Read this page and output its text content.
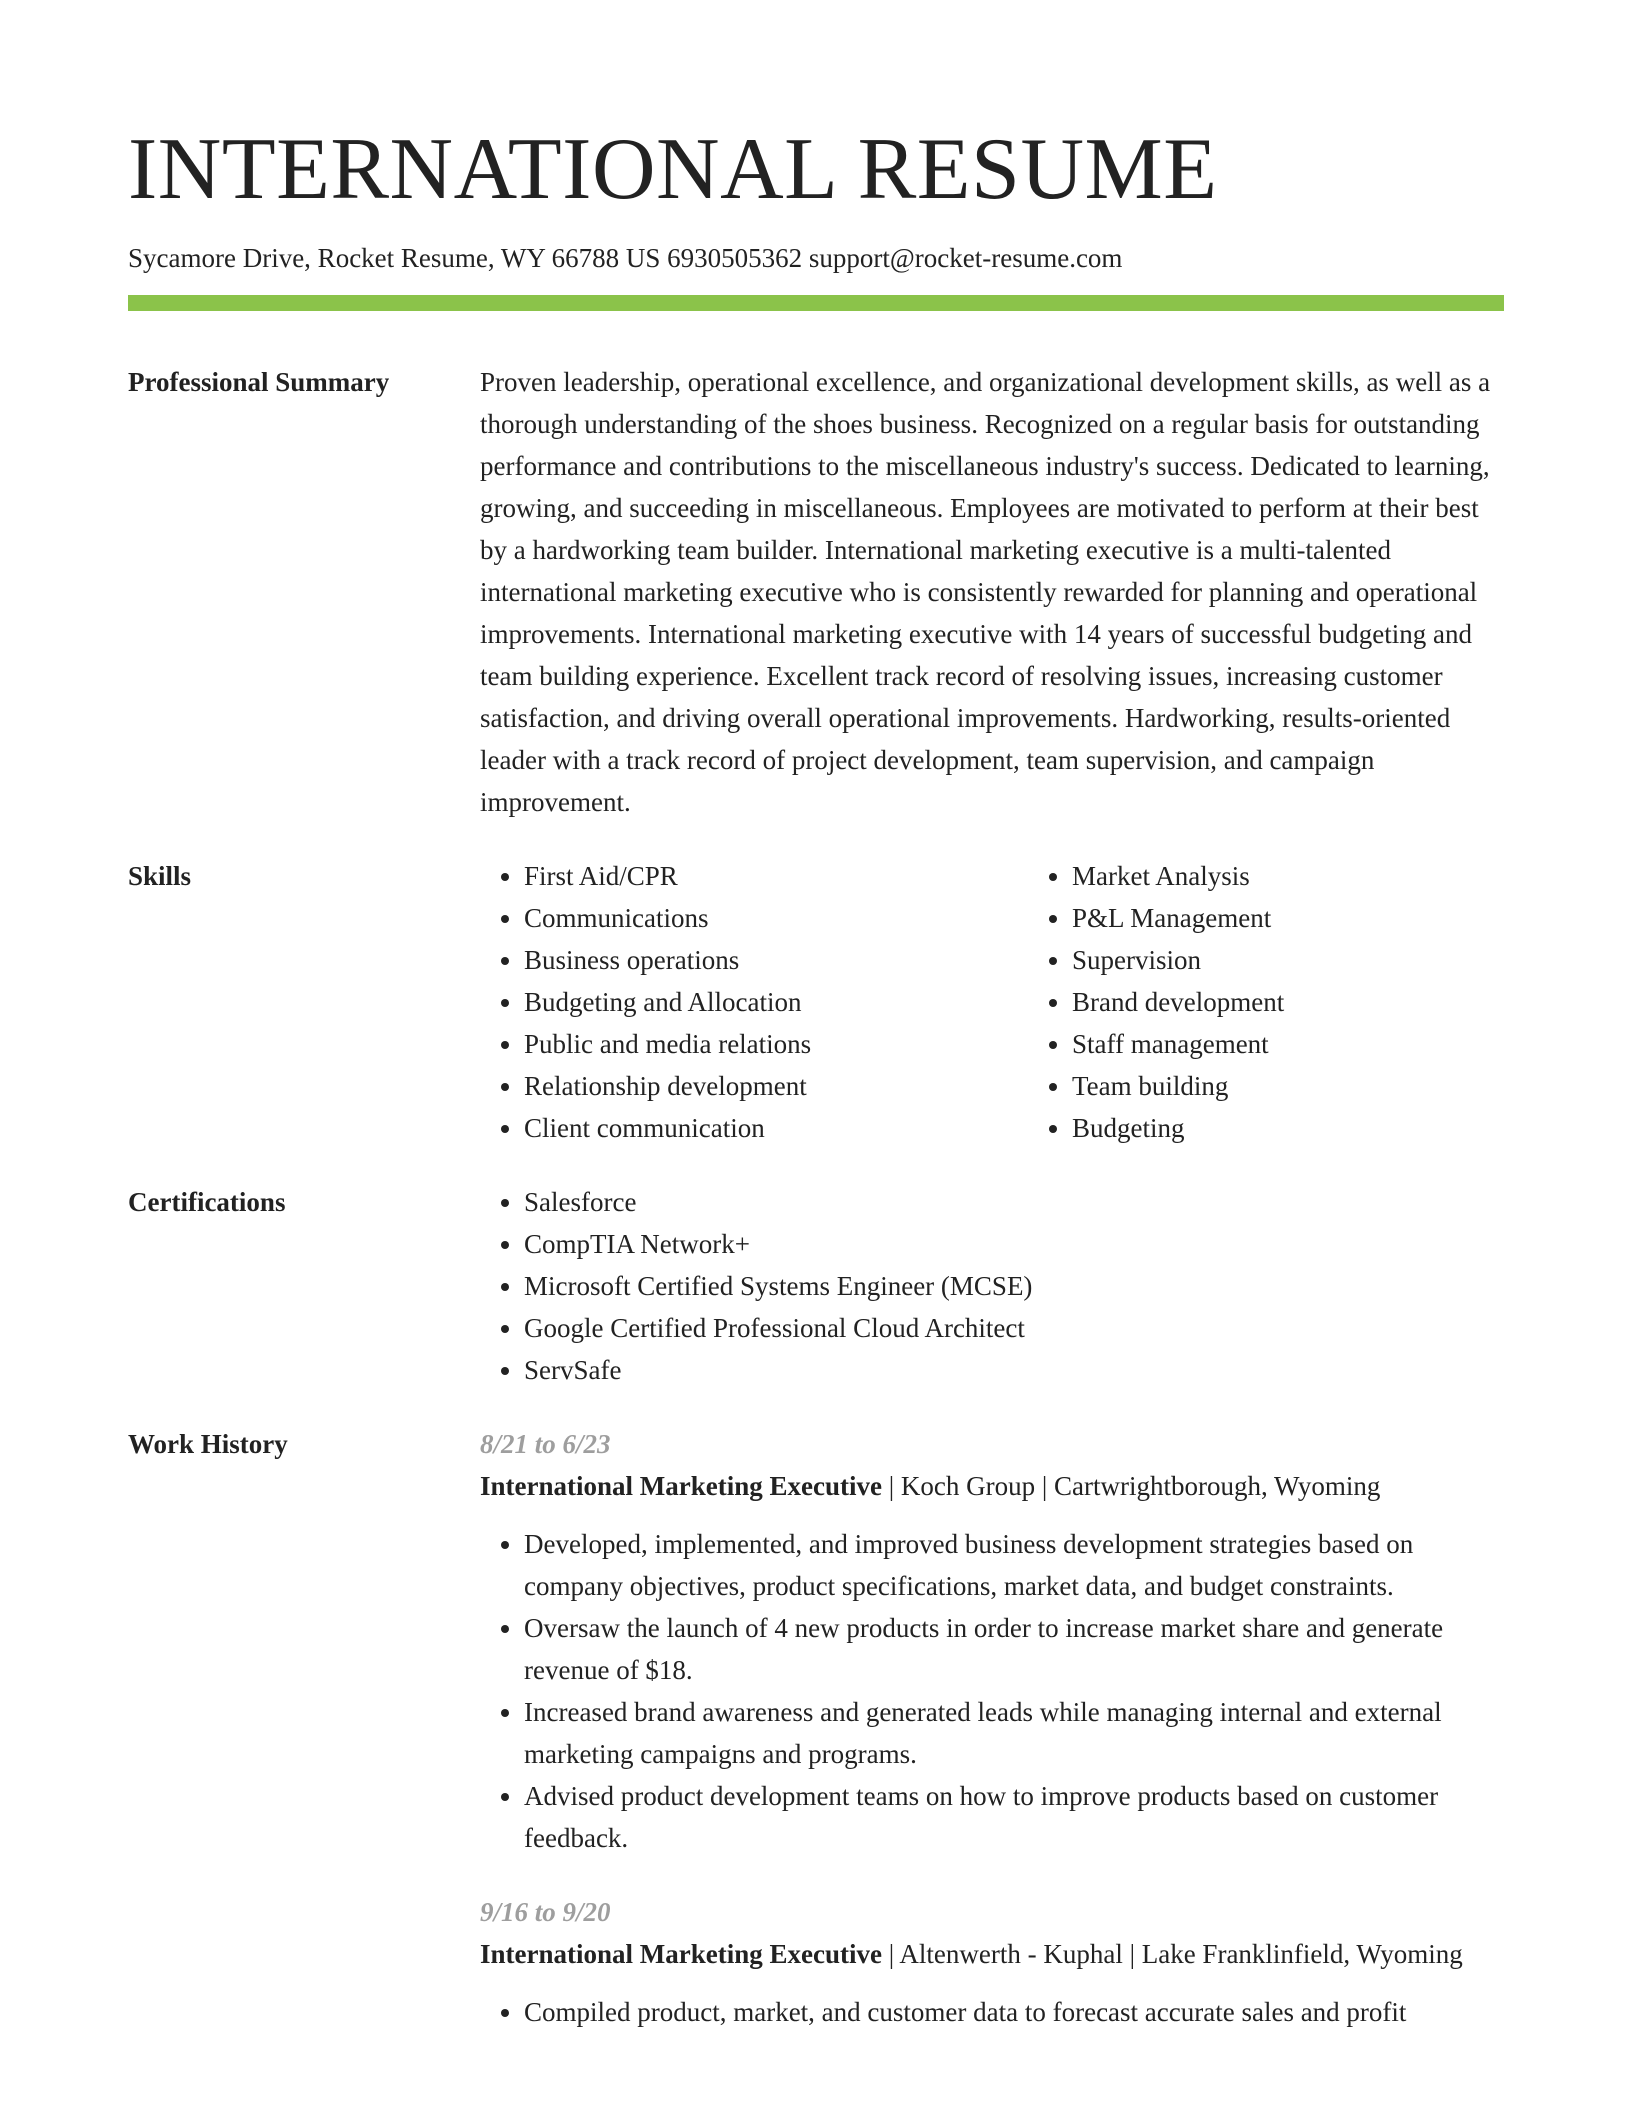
INTERNATIONAL RESUME
Sycamore Drive, Rocket Resume, WY 66788 US 6930505362 support@rocket-resume.com
Professional Summary	Proven leadership, operational excellence, and organizational development skills, as well as a thorough understanding of the shoes business. Recognized on a regular basis for outstanding performance and contributions to the miscellaneous industry's success. Dedicated to learning, growing, and succeeding in miscellaneous. Employees are motivated to perform at their best by a hardworking team builder. International marketing executive is a multi-talented international marketing executive who is consistently rewarded for planning and operational improvements. International marketing executive with 14 years of successful budgeting and team building experience. Excellent track record of resolving issues, increasing customer satisfaction, and driving overall operational improvements. Hardworking, results-oriented leader with a track record of project development, team supervision, and campaign improvement.
Skills	• First Aid/CPR
• Communications
• Business operations
• Budgeting and Allocation
• Public and media relations
• Relationship development
• Client communication
• Market Analysis
• P&L Management
• Supervision
• Brand development
• Staff management
• Team building
• Budgeting
Certifications	• Salesforce
• CompTIA Network+
• Microsoft Certified Systems Engineer (MCSE)
• Google Certified Professional Cloud Architect
• ServSafe
Work History	8/21 to 6/23
International Marketing Executive | Koch Group | Cartwrightborough, Wyoming
• Developed, implemented, and improved business development strategies based on company objectives, product specifications, market data, and budget constraints.
• Oversaw the launch of 4 new products in order to increase market share and generate revenue of $18.
• Increased brand awareness and generated leads while managing internal and external marketing campaigns and programs.
• Advised product development teams on how to improve products based on customer feedback.
9/16 to 9/20
International Marketing Executive | Altenwerth - Kuphal | Lake Franklinfield, Wyoming
• Compiled product, market, and customer data to forecast accurate sales and profit
